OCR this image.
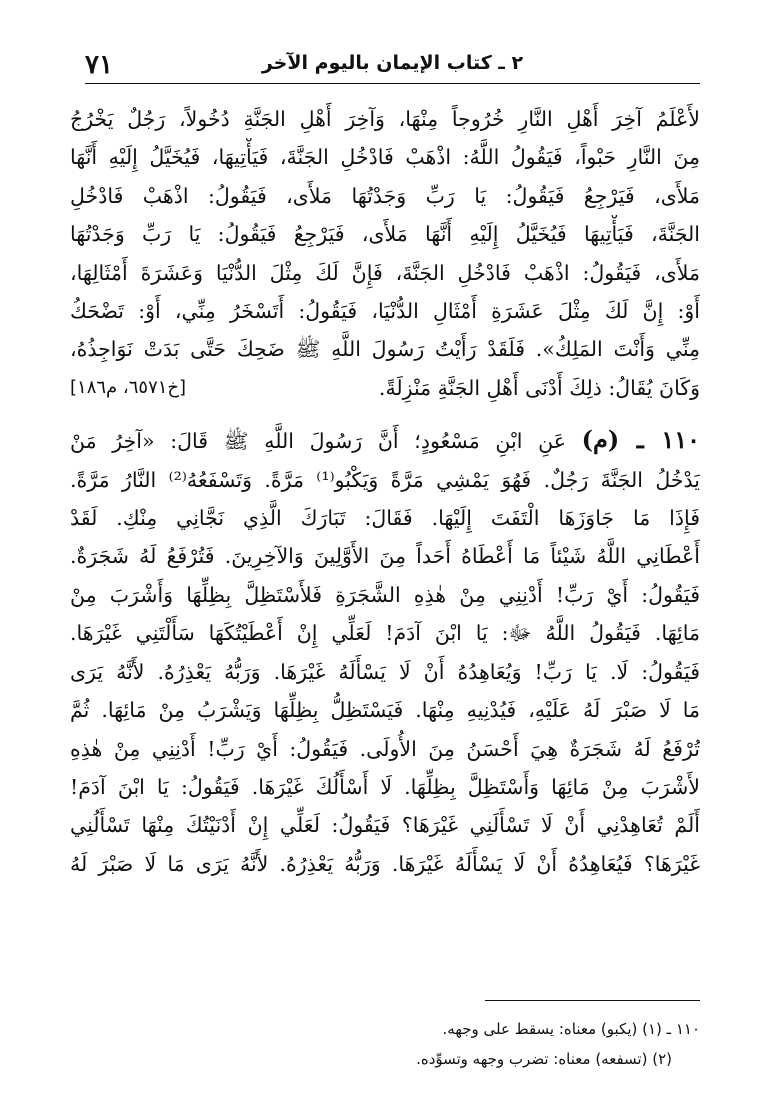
٧١	٢ ـ كتاب الإيمان باليوم الآخر
لأَعْلَمُ آخِرَ أَهْلِ النَّارِ خُرُوجاً مِنْهَا، وَآخِرَ أَهْلِ الجَنَّةِ دُخُولاً، رَجُلٌ يَخْرُجُ
مِنَ النَّارِ حَبْواً، فَيَقُولُ اللَّهُ: اذْهَبْ فَادْخُلِ الجَنَّةَ، فَيَأْتِيهَا، فَيُخَيَّلُ إِلَيْهِ أَنَّهَا
مَلأَى، فَيَرْجِعُ فَيَقُولُ: يَا رَبِّ وَجَدْتُهَا مَلأَى، فَيَقُولُ: اذْهَبْ فَادْخُلِ
الجَنَّةَ، فَيَأْتِيهَا فَيُخَيَّلُ إِلَيْهِ أَنَّهَا مَلأَى، فَيَرْجِعُ فَيَقُولُ: يَا رَبِّ وَجَدْتُهَا
مَلأَى، فَيَقُولُ: اذْهَبْ فَادْخُلِ الجَنَّةَ، فَإِنَّ لَكَ مِثْلَ الدُّنْيَا وَعَشَرَةَ أَمْثَالِهَا،
أَوْ: إِنَّ لَكَ مِثْلَ عَشَرَةِ أَمْثَالِ الدُّنْيَا، فَيَقُولُ: أَتَسْخَرُ مِنِّي، أَوْ: تَضْحَكُ
مِنِّي وَأَنْتَ المَلِكُ». فَلَقَدْ رَأَيْتُ رَسُولَ اللَّهِ ﷺ ضَحِكَ حَتَّى بَدَتْ نَوَاجِذُهُ،
وَكَانَ يُقَالُ: ذلِكَ أَدْنَى أَهْلِ الجَنَّةِ مَنْزِلَةً.
[خ٦٥٧١، م١٨٦]
١١٠ ـ (م) عَنِ ابْنِ مَسْعُودٍ؛ أَنَّ رَسُولَ اللَّهِ ﷺ قَالَ: «آخِرُ مَنْ
يَدْخُلُ الجَنَّةَ رَجُلٌ. فَهُوَ يَمْشِي مَرَّةً وَيَكْبُو⁽¹⁾ مَرَّةً. وَتَسْفَعُهُ⁽²⁾ النَّارُ مَرَّةً.
فَإِذَا مَا جَاوَزَهَا الْتَفَتَ إِلَيْهَا. فَقَالَ: تَبَارَكَ الَّذِي نَجَّانِي مِنْكِ. لَقَدْ
أَعْطَانِي اللَّهُ شَيْئاً مَا أَعْطَاهُ أَحَداً مِنَ الأَوَّلِينَ وَالآخِرِينَ. فَتُرْفَعُ لَهُ شَجَرَةٌ.
فَيَقُولُ: أَيْ رَبِّ! أَدْنِنِي مِنْ هٰذِهِ الشَّجَرَةِ فَلأَسْتَظِلَّ بِظِلِّهَا وَأَشْرَبَ مِنْ
مَائِهَا. فَيَقُولُ اللَّهُ ﷻ: يَا ابْنَ آدَمَ! لَعَلِّي إِنْ أَعْطَيْتُكَهَا سَأَلْتَنِي غَيْرَهَا.
فَيَقُولُ: لَا. يَا رَبِّ! وَيُعَاهِدُهُ أَنْ لَا يَسْأَلَهُ غَيْرَهَا. وَرَبُّهُ يَعْذِرُهُ. لأَنَّهُ يَرَى
مَا لَا صَبْرَ لَهُ عَلَيْهِ، فَيُدْنِيهِ مِنْهَا. فَيَسْتَظِلُّ بِظِلِّهَا وَيَشْرَبُ مِنْ مَائِهَا. ثُمَّ
تُرْفَعُ لَهُ شَجَرَةٌ هِيَ أَحْسَنُ مِنَ الأُولَى. فَيَقُولُ: أَيْ رَبِّ! أَدْنِنِي مِنْ هٰذِهِ
لأَشْرَبَ مِنْ مَائِهَا وَأَسْتَظِلَّ بِظِلِّهَا. لَا أَسْأَلُكَ غَيْرَهَا. فَيَقُولُ: يَا ابْنَ آدَمَ!
أَلَمْ تُعَاهِدْنِي أَنْ لَا تَسْأَلَنِي غَيْرَهَا؟ فَيَقُولُ: لَعَلِّي إِنْ أَدْنَيْتُكَ مِنْهَا تَسْأَلُنِي
غَيْرَهَا؟ فَيُعَاهِدُهُ أَنْ لَا يَسْأَلَهُ غَيْرَهَا. وَرَبُّهُ يَعْذِرُهُ. لأَنَّهُ يَرَى مَا لَا صَبْرَ لَهُ
١١٠ ـ (١) (يكبو) معناه: يسقط على وجهه.
(٢) (تسفعه) معناه: تضرب وجهه وتسوِّده.
